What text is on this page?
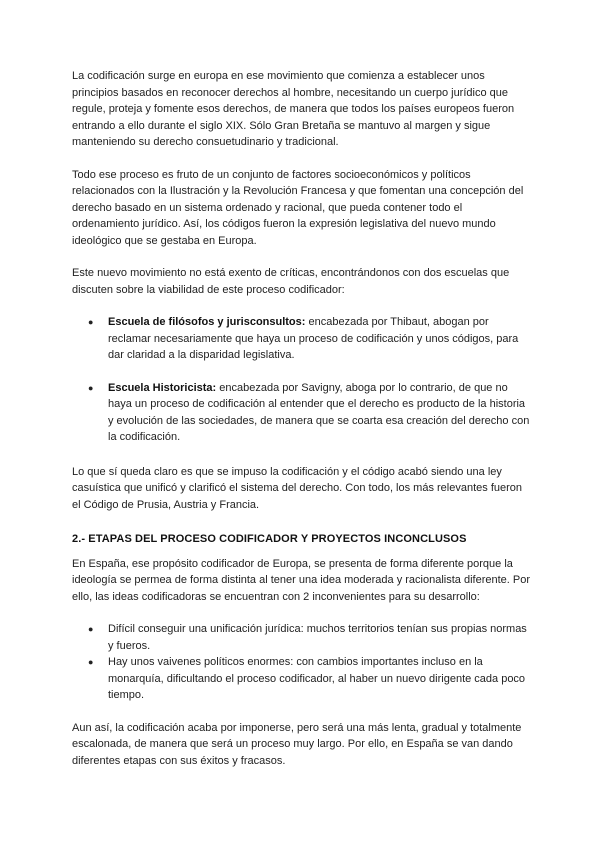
La codificación surge en europa en ese movimiento que comienza a establecer unos principios basados en reconocer derechos al hombre, necesitando un cuerpo jurídico que regule, proteja y fomente esos derechos, de manera que todos los países europeos fueron entrando a ello durante el siglo XIX. Sólo Gran Bretaña se mantuvo al margen y sigue manteniendo su derecho consuetudinario y tradicional.

Todo ese proceso es fruto de un conjunto de factores socioeconómicos y políticos relacionados con la Ilustración y la Revolución Francesa y que fomentan una concepción del derecho basado en un sistema ordenado y racional, que pueda contener todo el ordenamiento jurídico. Así, los códigos fueron la expresión legislativa del nuevo mundo ideológico que se gestaba en Europa.

Este nuevo movimiento no está exento de críticas, encontrándonos con dos escuelas que discuten sobre la viabilidad de este proceso codificador:

● Escuela de filósofos y jurisconsultos: encabezada por Thibaut, abogan por reclamar necesariamente que haya un proceso de codificación y unos códigos, para dar claridad a la disparidad legislativa.
● Escuela Historicista: encabezada por Savigny, aboga por lo contrario, de que no haya un proceso de codificación al entender que el derecho es producto de la historia y evolución de las sociedades, de manera que se coarta esa creación del derecho con la codificación.

Lo que sí queda claro es que se impuso la codificación y el código acabó siendo una ley casuística que unificó y clarificó el sistema del derecho. Con todo, los más relevantes fueron el Código de Prusia, Austria y Francia.

2.- ETAPAS DEL PROCESO CODIFICADOR Y PROYECTOS INCONCLUSOS

En España, ese propósito codificador de Europa, se presenta de forma diferente porque la ideología se permea de forma distinta al tener una idea moderada y racionalista diferente. Por ello, las ideas codificadoras se encuentran con 2 inconvenientes para su desarrollo:

● Difícil conseguir una unificación jurídica: muchos territorios tenían sus propias normas y fueros.
● Hay unos vaivenes políticos enormes: con cambios importantes incluso en la monarquía, dificultando el proceso codificador, al haber un nuevo dirigente cada poco tiempo.

Aun así, la codificación acaba por imponerse, pero será una más lenta, gradual y totalmente escalonada, de manera que será un proceso muy largo. Por ello, en España se van dando diferentes etapas con sus éxitos y fracasos.
